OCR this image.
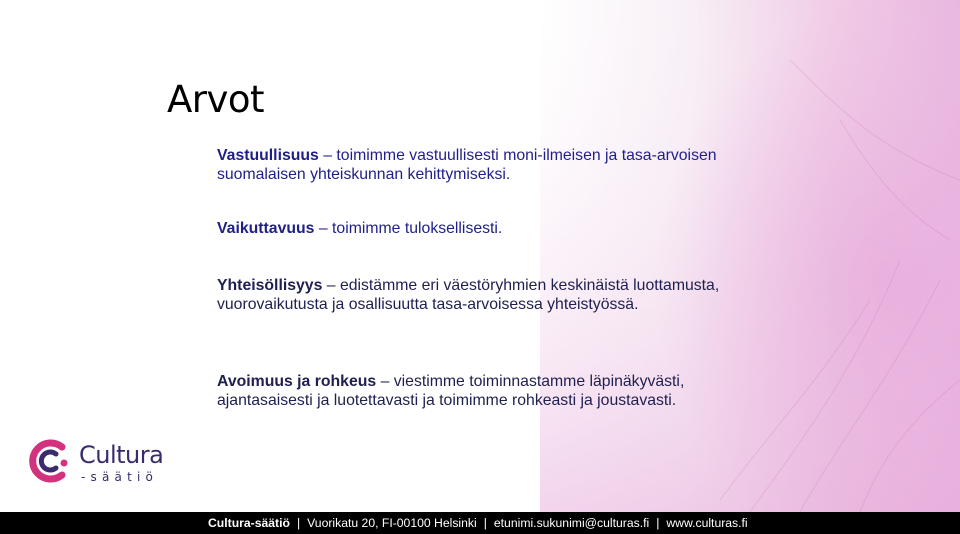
Arvot

Vastuullisuus – toimimme vastuullisesti moni-ilmeisen ja tasa-arvoisen suomalaisen yhteiskunnan kehittymiseksi.

Vaikuttavuus – toimimme tuloksellisesti.

Yhteisöllisyys – edistämme eri väestöryhmien keskinäistä luottamusta, vuorovaikutusta ja osallisuutta tasa-arvoisessa yhteistyössä.

Avoimuus ja rohkeus – viestimme toiminnastamme läpinäkyvästi, ajantasaisesti ja luotettavasti ja toimimme rohkeasti ja joustavasti.

Cultura
-säätiö
Cultura-säätiö | Vuorikatu 20, FI-00100 Helsinki | etunimi.sukunimi@culturas.fi | www.culturas.fi
